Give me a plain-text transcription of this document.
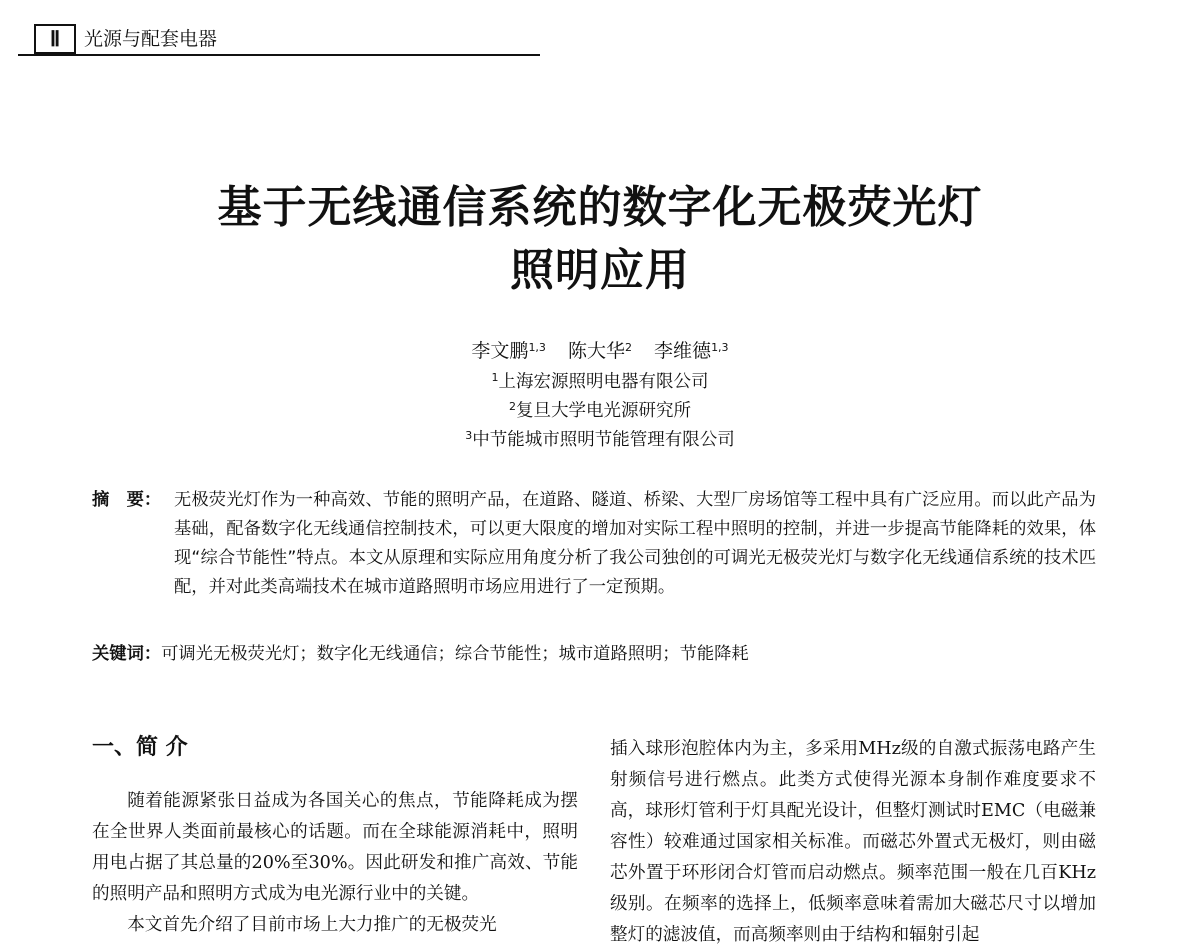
Ⅱ	光源与配套电器
基于无线通信系统的数字化无极荧光灯
照明应用
李文鹏$^{1,3}$ 陈大华$^2$ 李维德$^{1,3}$
$^1$上海宏源照明电器有限公司
$^2$复旦大学电光源研究所
$^3$中节能城市照明节能管理有限公司
摘　要： 无极荧光灯作为一种高效、节能的照明产品，在道路、隧道、桥梁、大型厂房场馆等工程中具有广泛应用。而以此产品为基础，配备数字化无线通信控制技术，可以更大限度的增加对实际工程中照明的控制，并进一步提高节能降耗的效果，体现“综合节能性”特点。本文从原理和实际应用角度分析了我公司独创的可调光无极荧光灯与数字化无线通信系统的技术匹配，并对此类高端技术在城市道路照明市场应用进行了一定预期。
关键词：可调光无极荧光灯；数字化无线通信；综合节能性；城市道路照明；节能降耗
一、简 介

随着能源紧张日益成为各国关心的焦点，节能降耗成为摆在全世界人类面前最核心的话题。而在全球能源消耗中，照明用电占据了其总量的20%至30%。因此研发和推广高效、节能的照明产品和照明方式成为电光源行业中的关键。

本文首先介绍了目前市场上大力推广的无极荧光

插入球形泡腔体内为主，多采用MHz级的自激式振荡电路产生射频信号进行燃点。此类方式使得光源本身制作难度要求不高，球形灯管利于灯具配光设计，但整灯测试时EMC（电磁兼容性）较难通过国家相关标准。而磁芯外置式无极灯，则由磁芯外置于环形闭合灯管而启动燃点。频率范围一般在几百KHz级别。在频率的选择上，低频率意味着需加大磁芯尺寸以增加整灯的滤波值，而高频率则由于结构和辐射引起
